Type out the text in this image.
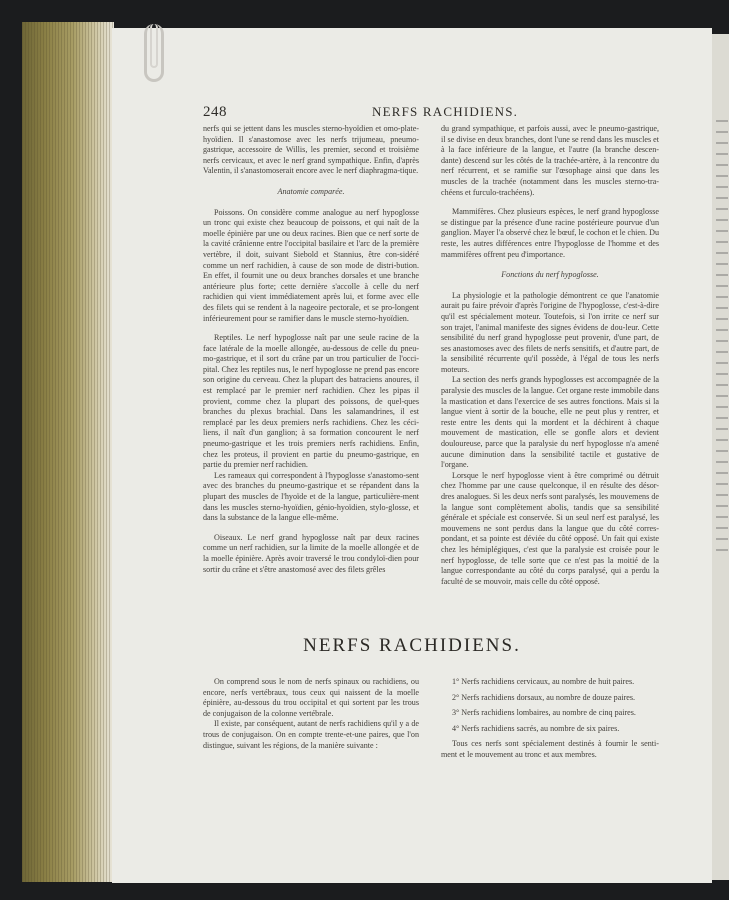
248	NERFS RACHIDIENS.

nerfs qui se jettent dans les muscles sterno-hyoïdien et omo-plate-hyoïdien. Il s'anastomose avec les nerfs trijumeau, pneumo-gastrique, accessoire de Willis, les premier, second et troisième nerfs cervicaux, et avec le nerf grand sympathique. Enfin, d'après Valentin, il s'anastomoserait encore avec le nerf diaphragma-tique.

Anatomie comparée.

Poissons. On considère comme analogue au nerf hypoglosse un tronc qui existe chez beaucoup de poissons, et qui naît de la moelle épinière par une ou deux racines. Bien que ce nerf sorte de la cavité crânienne entre l'occipital basilaire et l'arc de la première vertèbre, il doit, suivant Siebold et Stannius, être con-sidéré comme un nerf rachidien, à cause de son mode de distri-bution. En effet, il fournit une ou deux branches dorsales et une branche antérieure plus forte; cette dernière s'accolle à celle du nerf rachidien qui vient immédiatement après lui, et forme avec elle des filets qui se rendent à la nageoire pectorale, et se pro-longent inférieurement pour se ramifier dans le muscle sterno-hyoïdien.

Reptiles. Le nerf hypoglosse naît par une seule racine de la face latérale de la moelle allongée, au-dessous de celle du pneu-mo-gastrique, et il sort du crâne par un trou particulier de l'occi-pital. Chez les reptiles nus, le nerf hypoglosse ne prend pas encore son origine du cerveau. Chez la plupart des batraciens anoures, il est remplacé par le premier nerf rachidien. Chez les pipas il provient, comme chez la plupart des poissons, de quel-ques branches du plexus brachial. Dans les salamandrines, il est remplacé par les deux premiers nerfs rachidiens. Chez les céci-liens, il naît d'un ganglion; à sa formation concourent le nerf pneumo-gastrique et les trois premiers nerfs rachidiens. Enfin, chez les proteus, il provient en partie du pneumo-gastrique, en partie du premier nerf rachidien.

Les rameaux qui correspondent à l'hypoglosse s'anastomo-sent avec des branches du pneumo-gastrique et se répandent dans la plupart des muscles de l'hyoïde et de la langue, particulière-ment dans les muscles sterno-hyoïdien, génio-hyoïdien, stylo-glosse, et dans la substance de la langue elle-même.

Oiseaux. Le nerf grand hypoglosse naît par deux racines comme un nerf rachidien, sur la limite de la moelle allongée et de la moelle épinière. Après avoir traversé le trou condyloï-dien pour sortir du crâne et s'être anastomosé avec des filets grêles

du grand sympathique, et parfois aussi, avec le pneumo-gastrique, il se divise en deux branches, dont l'une se rend dans les muscles et à la face inférieure de la langue, et l'autre (la branche descen-dante) descend sur les côtés de la trachée-artère, à la rencontre du nerf récurrent, et se ramifie sur l'œsophage ainsi que dans les muscles de la trachée (notamment dans les muscles sterno-tra-chéens et furculo-trachéens).

Mammifères. Chez plusieurs espèces, le nerf grand hypoglosse se distingue par la présence d'une racine postérieure pourvue d'un ganglion. Mayer l'a observé chez le bœuf, le cochon et le chien. Du reste, les autres différences entre l'hypoglosse de l'homme et des mammifères offrent peu d'importance.

Fonctions du nerf hypoglosse.

La physiologie et la pathologie démontrent ce que l'anatomie aurait pu faire prévoir d'après l'origine de l'hypoglosse, c'est-à-dire qu'il est spécialement moteur. Toutefois, si l'on irrite ce nerf sur son trajet, l'animal manifeste des signes évidens de dou-leur. Cette sensibilité du nerf grand hypoglosse peut provenir, d'une part, de ses anastomoses avec des filets de nerfs sensitifs, et d'autre part, de la sensibilité récurrente qu'il possède, à l'égal de tous les nerfs moteurs.

La section des nerfs grands hypoglosses est accompagnée de la paralysie des muscles de la langue. Cet organe reste immobile dans la mastication et dans l'exercice de ses autres fonctions. Mais si la langue vient à sortir de la bouche, elle ne peut plus y rentrer, et reste entre les dents qui la mordent et la déchirent à chaque mouvement de mastication, elle se gonfle alors et devient douloureuse, parce que la paralysie du nerf hypoglosse n'a amené aucune diminution dans la sensibilité tactile et gustative de l'organe.

Lorsque le nerf hypoglosse vient à être comprimé ou détruit chez l'homme par une cause quelconque, il en résulte des désor-dres analogues. Si les deux nerfs sont paralysés, les mouvemens de la langue sont complètement abolis, tandis que sa sensibilité générale et spéciale est conservée. Si un seul nerf est paralysé, les mouvemens ne sont perdus dans la langue que du côté corres-pondant, et sa pointe est déviée du côté opposé. Un fait qui existe chez les hémiplégiques, c'est que la paralysie est croisée pour le nerf hypoglosse, de telle sorte que ce n'est pas la moitié de la langue correspondante au côté du corps paralysé, qui a perdu la faculté de se mouvoir, mais celle du côté opposé.

NERFS RACHIDIENS.

On comprend sous le nom de nerfs spinaux ou rachidiens, ou encore, nerfs vertébraux, tous ceux qui naissent de la moelle épinière, au-dessous du trou occipital et qui sortent par les trous de conjugaison de la colonne vertébrale.

Il existe, par conséquent, autant de nerfs rachidiens qu'il y a de trous de conjugaison. On en compte trente-et-une paires, que l'on distingue, suivant les régions, de la manière suivante :

1° Nerfs rachidiens cervicaux, au nombre de huit paires.

2° Nerfs rachidiens dorsaux, au nombre de douze paires.

3° Nerfs rachidiens lombaires, au nombre de cinq paires.

4° Nerfs rachidiens sacrés, au nombre de six paires.

Tous ces nerfs sont spécialement destinés à fournir le senti-ment et le mouvement au tronc et aux membres.
